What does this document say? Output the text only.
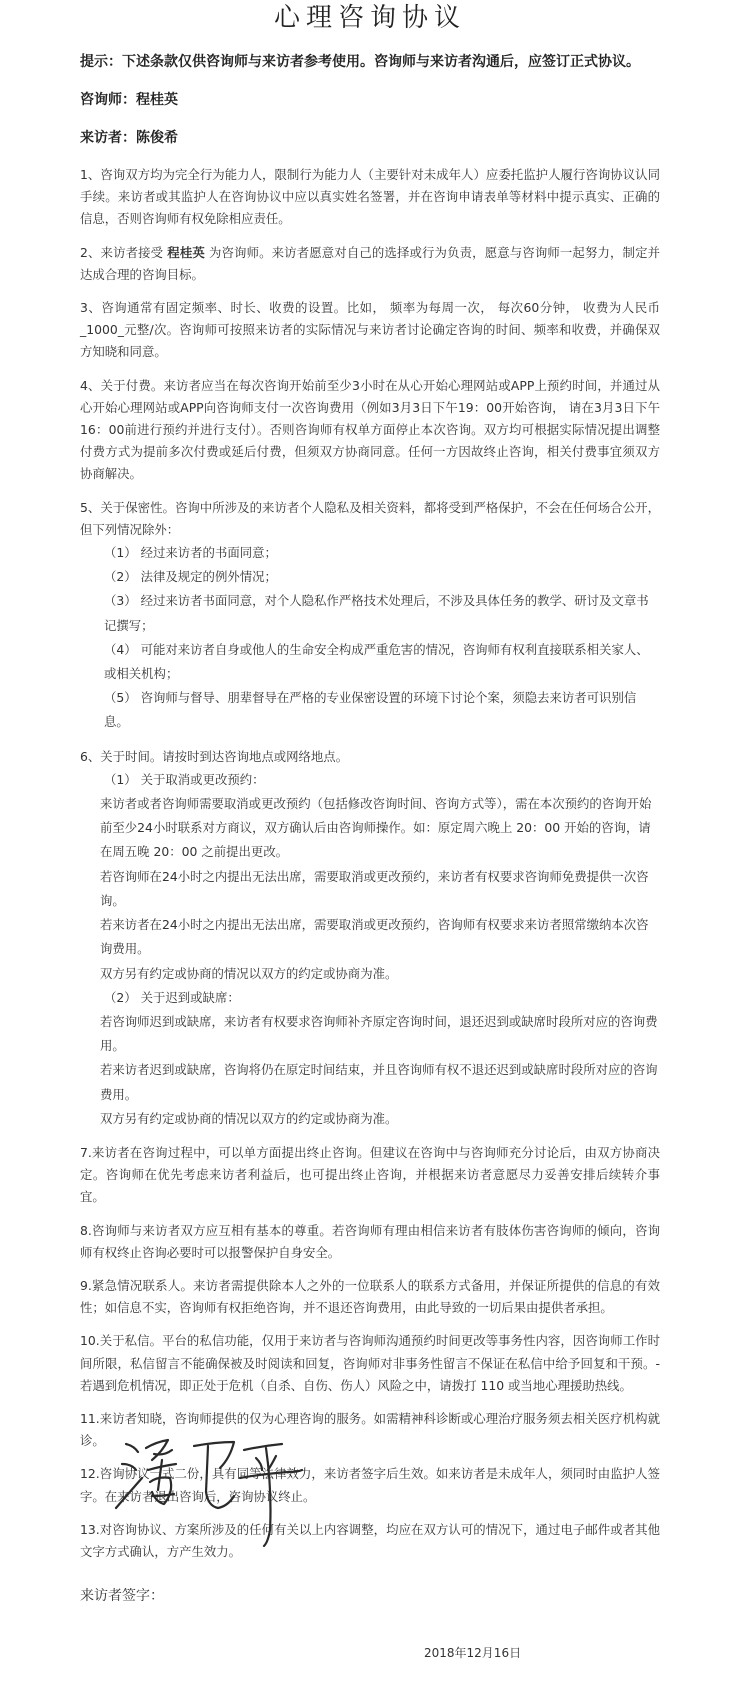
心理咨询协议
提示：下述条款仅供咨询师与来访者参考使用。咨询师与来访者沟通后，应签订正式协议。
咨询师：程桂英
来访者：陈俊希
1、咨询双方均为完全行为能力人，限制行为能力人（主要针对未成年人）应委托监护人履行咨询协议认同手续。来访者或其监护人在咨询协议中应以真实姓名签署，并在咨询申请表单等材料中提示真实、正确的信息，否则咨询师有权免除相应责任。
2、来访者接受 程桂英 为咨询师。来访者愿意对自己的选择或行为负责，愿意与咨询师一起努力，制定并达成合理的咨询目标。
3、咨询通常有固定频率、时长、收费的设置。比如， 频率为每周一次， 每次60分钟， 收费为人民币_1000_元整/次。咨询师可按照来访者的实际情况与来访者讨论确定咨询的时间、频率和收费，并确保双方知晓和同意。
4、关于付费。来访者应当在每次咨询开始前至少3小时在从心开始心理网站或APP上预约时间，并通过从心开始心理网站或APP向咨询师支付一次咨询费用（例如3月3日下午19：00开始咨询， 请在3月3日下午16：00前进行预约并进行支付）。否则咨询师有权单方面停止本次咨询。双方均可根据实际情况提出调整付费方式为提前多次付费或延后付费，但须双方协商同意。任何一方因故终止咨询，相关付费事宜须双方协商解决。
5、关于保密性。咨询中所涉及的来访者个人隐私及相关资料，都将受到严格保护，不会在任何场合公开，但下列情况除外：
（1） 经过来访者的书面同意；
（2） 法律及规定的例外情况；
（3） 经过来访者书面同意，对个人隐私作严格技术处理后，不涉及具体任务的教学、研讨及文章书记撰写；
（4） 可能对来访者自身或他人的生命安全构成严重危害的情况，咨询师有权利直接联系相关家人、或相关机构；
（5） 咨询师与督导、朋辈督导在严格的专业保密设置的环境下讨论个案，须隐去来访者可识别信息。
6、关于时间。请按时到达咨询地点或网络地点。
（1） 关于取消或更改预约：
来访者或者咨询师需要取消或更改预约（包括修改咨询时间、咨询方式等），需在本次预约的咨询开始前至少24小时联系对方商议，双方确认后由咨询师操作。如：原定周六晚上 20：00 开始的咨询，请在周五晚 20：00 之前提出更改。
若咨询师在24小时之内提出无法出席，需要取消或更改预约，来访者有权要求咨询师免费提供一次咨询。
若来访者在24小时之内提出无法出席，需要取消或更改预约，咨询师有权要求来访者照常缴纳本次咨询费用。
双方另有约定或协商的情况以双方的约定或协商为准。
（2） 关于迟到或缺席：
若咨询师迟到或缺席，来访者有权要求咨询师补齐原定咨询时间，退还迟到或缺席时段所对应的咨询费用。
若来访者迟到或缺席，咨询将仍在原定时间结束，并且咨询师有权不退还迟到或缺席时段所对应的咨询费用。
双方另有约定或协商的情况以双方的约定或协商为准。
7.来访者在咨询过程中，可以单方面提出终止咨询。但建议在咨询中与咨询师充分讨论后，由双方协商决定。咨询师在优先考虑来访者利益后，也可提出终止咨询，并根据来访者意愿尽力妥善安排后续转介事宜。
8.咨询师与来访者双方应互相有基本的尊重。若咨询师有理由相信来访者有肢体伤害咨询师的倾向，咨询师有权终止咨询必要时可以报警保护自身安全。
9.紧急情况联系人。来访者需提供除本人之外的一位联系人的联系方式备用，并保证所提供的信息的有效性；如信息不实，咨询师有权拒绝咨询，并不退还咨询费用，由此导致的一切后果由提供者承担。
10.关于私信。平台的私信功能，仅用于来访者与咨询师沟通预约时间更改等事务性内容，因咨询师工作时间所限，私信留言不能确保被及时阅读和回复，咨询师对非事务性留言不保证在私信中给予回复和干预。- 若遇到危机情况，即正处于危机（自杀、自伤、伤人）风险之中，请拨打 110 或当地心理援助热线。
11.来访者知晓，咨询师提供的仅为心理咨询的服务。如需精神科诊断或心理治疗服务须去相关医疗机构就诊。
12.咨询协议一式二份，具有同等法律效力，来访者签字后生效。如来访者是未成年人，须同时由监护人签字。在来访者退出咨询后，咨询协议终止。
13.对咨询协议、方案所涉及的任何有关以上内容调整，均应在双方认可的情况下，通过电子邮件或者其他文字方式确认，方产生效力。
来访者签字：
2018年12月16日
